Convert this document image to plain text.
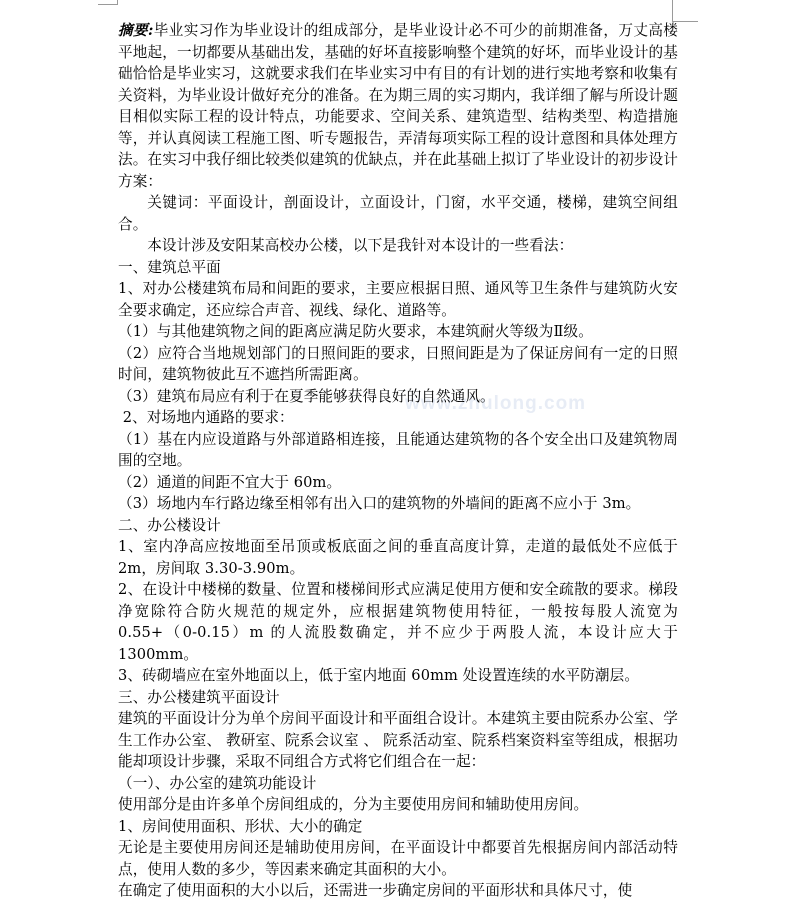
www.zhulong.com

摘要:毕业实习作为毕业设计的组成部分，是毕业设计必不可少的前期准备，万丈高楼平地起，一切都要从基础出发，基础的好坏直接影响整个建筑的好坏，而毕业设计的基础恰恰是毕业实习，这就要求我们在毕业实习中有目的有计划的进行实地考察和收集有关资料，为毕业设计做好充分的准备。在为期三周的实习期内，我详细了解与所设计题目相似实际工程的设计特点，功能要求、空间关系、建筑造型、结构类型、构造措施等，并认真阅读工程施工图、听专题报告，弄清每项实际工程的设计意图和具体处理方法。在实习中我仔细比较类似建筑的优缺点，并在此基础上拟订了毕业设计的初步设计方案：

关键词：平面设计，剖面设计，立面设计，门窗，水平交通，楼梯，建筑空间组合。

本设计涉及安阳某高校办公楼，以下是我针对本设计的一些看法：

一、建筑总平面

1、对办公楼建筑布局和间距的要求，主要应根据日照、通风等卫生条件与建筑防火安全要求确定，还应综合声音、视线、绿化、道路等。

（1）与其他建筑物之间的距离应满足防火要求，本建筑耐火等级为Ⅱ级。

（2）应符合当地规划部门的日照间距的要求，日照间距是为了保证房间有一定的日照时间，建筑物彼此互不遮挡所需距离。

（3）建筑布局应有利于在夏季能够获得良好的自然通风。

2、对场地内通路的要求：

（1）基在内应设道路与外部道路相连接，且能通达建筑物的各个安全出口及建筑物周围的空地。

（2）通道的间距不宜大于 60m。

（3）场地内车行路边缘至相邻有出入口的建筑物的外墙间的距离不应小于 3m。

二、办公楼设计

1、室内净高应按地面至吊顶或板底面之间的垂直高度计算，走道的最低处不应低于 2m，房间取 3.30-3.90m。

2、在设计中楼梯的数量、位置和楼梯间形式应满足使用方便和安全疏散的要求。梯段净宽除符合防火规范的规定外，应根据建筑物使用特征，一般按每股人流宽为 0.55+（0-0.15）m 的人流股数确定，并不应少于两股人流，本设计应大于 1300mm。

3、砖砌墙应在室外地面以上，低于室内地面 60mm 处设置连续的水平防潮层。

三、办公楼建筑平面设计

建筑的平面设计分为单个房间平面设计和平面组合设计。本建筑主要由院系办公室、学生工作办公室、 教研室、院系会议室 、 院系活动室、院系档案资料室等组成，根据功能却项设计步骤，采取不同组合方式将它们组合在一起：

（一）、办公室的建筑功能设计

使用部分是由许多单个房间组成的，分为主要使用房间和辅助使用房间。

1、房间使用面积、形状、大小的确定

无论是主要使用房间还是辅助使用房间，在平面设计中都要首先根据房间内部活动特点，使用人数的多少，等因素来确定其面积的大小。

在确定了使用面积的大小以后，还需进一步确定房间的平面形状和具体尺寸，使
